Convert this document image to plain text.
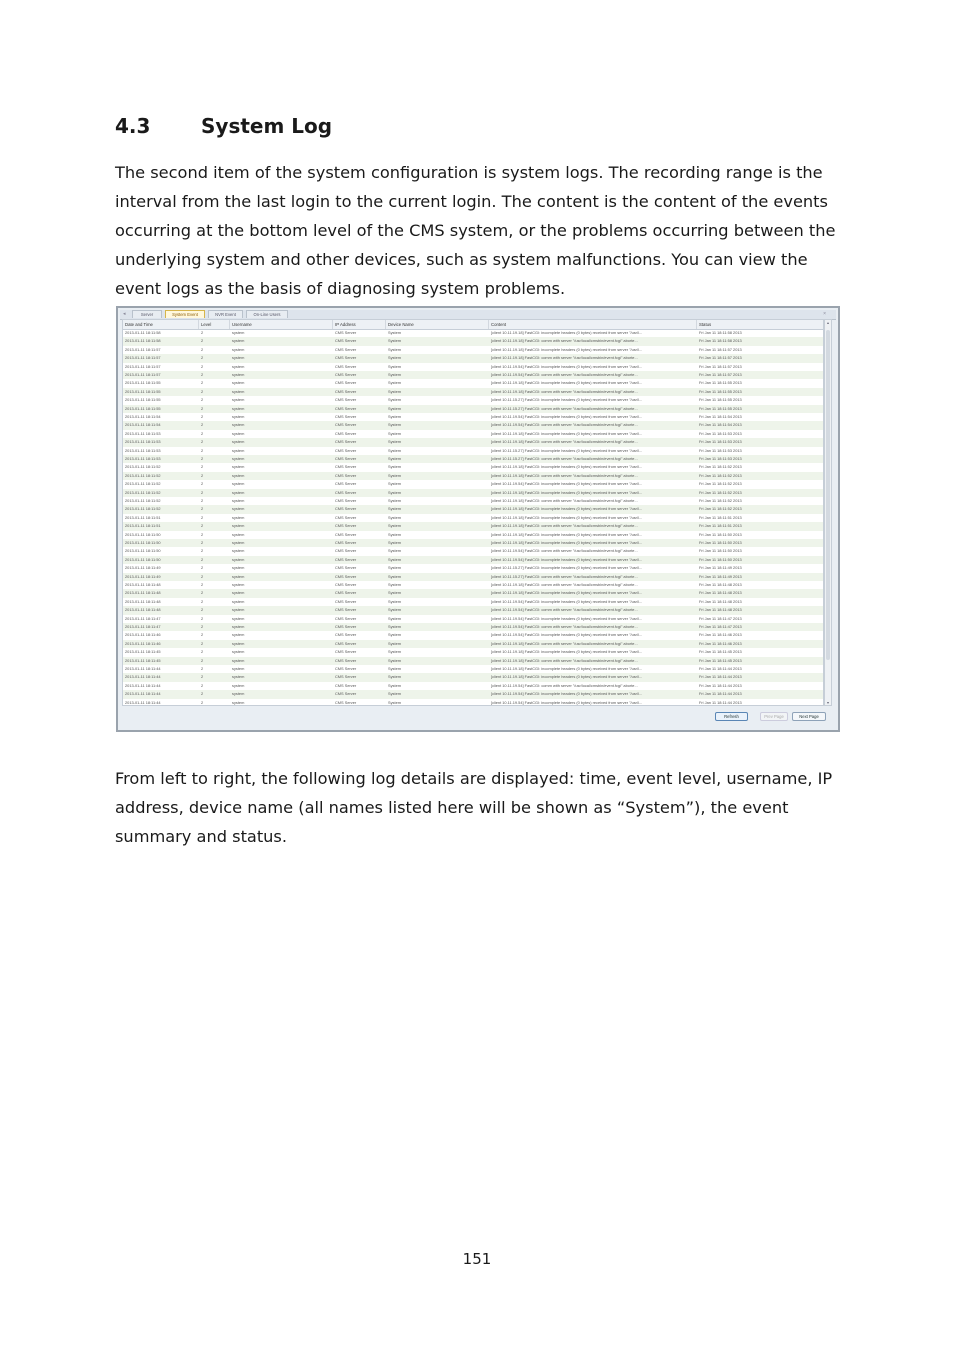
4.3	System Log

The second item of the system configuration is system logs. The recording range is the interval from the last login to the current login. The content is the content of the events occurring at the bottom level of the CMS system, or the problems occurring between the underlying system and other devices, such as system malfunctions. You can view the event logs as the basis of diagnosing system problems.

◂	×
Server	System Event	NVR Event	On-Line Users
Date and Time	Level	Username	IP Address	Device Name	Content	Status
2013-01-11 18:11:58	2	system	CMS Server	System	[client 10.11.19.18] FastCGI: incomplete headers (0 bytes) received from server "/usr/l...	Fri Jan 11 18:11:58 2013
2013-01-11 18:11:58	2	system	CMS Server	System	[client 10.11.19.18] FastCGI: comm with server "/usr/local/cmsbin/event.fcgi" aborte...	Fri Jan 11 18:11:58 2013
2013-01-11 18:11:57	2	system	CMS Server	System	[client 10.11.19.18] FastCGI: incomplete headers (0 bytes) received from server "/usr/l...	Fri Jan 11 18:11:57 2013
2013-01-11 18:11:57	2	system	CMS Server	System	[client 10.11.19.18] FastCGI: comm with server "/usr/local/cmsbin/event.fcgi" aborte...	Fri Jan 11 18:11:57 2013
2013-01-11 18:11:57	2	system	CMS Server	System	[client 10.11.19.54] FastCGI: incomplete headers (0 bytes) received from server "/usr/l...	Fri Jan 11 18:11:57 2013
2013-01-11 18:11:57	2	system	CMS Server	System	[client 10.11.19.54] FastCGI: comm with server "/usr/local/cmsbin/event.fcgi" aborte...	Fri Jan 11 18:11:57 2013
2013-01-11 18:11:55	2	system	CMS Server	System	[client 10.11.19.18] FastCGI: incomplete headers (0 bytes) received from server "/usr/l...	Fri Jan 11 18:11:55 2013
2013-01-11 18:11:55	2	system	CMS Server	System	[client 10.11.19.18] FastCGI: comm with server "/usr/local/cmsbin/event.fcgi" aborte...	Fri Jan 11 18:11:55 2013
2013-01-11 18:11:55	2	system	CMS Server	System	[client 10.11.15.27] FastCGI: incomplete headers (0 bytes) received from server "/usr/l...	Fri Jan 11 18:11:55 2013
2013-01-11 18:11:55	2	system	CMS Server	System	[client 10.11.15.27] FastCGI: comm with server "/usr/local/cmsbin/event.fcgi" aborte...	Fri Jan 11 18:11:55 2013
2013-01-11 18:11:54	2	system	CMS Server	System	[client 10.11.19.54] FastCGI: incomplete headers (0 bytes) received from server "/usr/l...	Fri Jan 11 18:11:54 2013
2013-01-11 18:11:54	2	system	CMS Server	System	[client 10.11.19.54] FastCGI: comm with server "/usr/local/cmsbin/event.fcgi" aborte...	Fri Jan 11 18:11:54 2013
2013-01-11 18:11:53	2	system	CMS Server	System	[client 10.11.19.18] FastCGI: incomplete headers (0 bytes) received from server "/usr/l...	Fri Jan 11 18:11:53 2013
2013-01-11 18:11:53	2	system	CMS Server	System	[client 10.11.19.18] FastCGI: comm with server "/usr/local/cmsbin/event.fcgi" aborte...	Fri Jan 11 18:11:53 2013
2013-01-11 18:11:53	2	system	CMS Server	System	[client 10.11.15.27] FastCGI: incomplete headers (0 bytes) received from server "/usr/l...	Fri Jan 11 18:11:53 2013
2013-01-11 18:11:53	2	system	CMS Server	System	[client 10.11.15.27] FastCGI: comm with server "/usr/local/cmsbin/event.fcgi" aborte...	Fri Jan 11 18:11:53 2013
2013-01-11 18:11:52	2	system	CMS Server	System	[client 10.11.19.18] FastCGI: incomplete headers (0 bytes) received from server "/usr/l...	Fri Jan 11 18:11:52 2013
2013-01-11 18:11:52	2	system	CMS Server	System	[client 10.11.19.18] FastCGI: comm with server "/usr/local/cmsbin/event.fcgi" aborte...	Fri Jan 11 18:11:52 2013
2013-01-11 18:11:52	2	system	CMS Server	System	[client 10.11.19.54] FastCGI: incomplete headers (0 bytes) received from server "/usr/l...	Fri Jan 11 18:11:52 2013
2013-01-11 18:11:52	2	system	CMS Server	System	[client 10.11.19.18] FastCGI: incomplete headers (0 bytes) received from server "/usr/l...	Fri Jan 11 18:11:52 2013
2013-01-11 18:11:52	2	system	CMS Server	System	[client 10.11.19.18] FastCGI: comm with server "/usr/local/cmsbin/event.fcgi" aborte...	Fri Jan 11 18:11:52 2013
2013-01-11 18:11:52	2	system	CMS Server	System	[client 10.11.19.18] FastCGI: incomplete headers (0 bytes) received from server "/usr/l...	Fri Jan 11 18:11:52 2013
2013-01-11 18:11:51	2	system	CMS Server	System	[client 10.11.19.18] FastCGI: incomplete headers (0 bytes) received from server "/usr/l...	Fri Jan 11 18:11:51 2013
2013-01-11 18:11:51	2	system	CMS Server	System	[client 10.11.19.18] FastCGI: comm with server "/usr/local/cmsbin/event.fcgi" aborte...	Fri Jan 11 18:11:51 2013
2013-01-11 18:11:50	2	system	CMS Server	System	[client 10.11.19.18] FastCGI: incomplete headers (0 bytes) received from server "/usr/l...	Fri Jan 11 18:11:50 2013
2013-01-11 18:11:50	2	system	CMS Server	System	[client 10.11.19.18] FastCGI: incomplete headers (0 bytes) received from server "/usr/l...	Fri Jan 11 18:11:50 2013
2013-01-11 18:11:50	2	system	CMS Server	System	[client 10.11.19.54] FastCGI: comm with server "/usr/local/cmsbin/event.fcgi" aborte...	Fri Jan 11 18:11:50 2013
2013-01-11 18:11:50	2	system	CMS Server	System	[client 10.11.19.54] FastCGI: incomplete headers (0 bytes) received from server "/usr/l...	Fri Jan 11 18:11:50 2013
2013-01-11 18:11:49	2	system	CMS Server	System	[client 10.11.15.27] FastCGI: incomplete headers (0 bytes) received from server "/usr/l...	Fri Jan 11 18:11:49 2013
2013-01-11 18:11:49	2	system	CMS Server	System	[client 10.11.15.27] FastCGI: comm with server "/usr/local/cmsbin/event.fcgi" aborte...	Fri Jan 11 18:11:49 2013
2013-01-11 18:11:48	2	system	CMS Server	System	[client 10.11.19.18] FastCGI: comm with server "/usr/local/cmsbin/event.fcgi" aborte...	Fri Jan 11 18:11:48 2013
2013-01-11 18:11:48	2	system	CMS Server	System	[client 10.11.19.18] FastCGI: incomplete headers (0 bytes) received from server "/usr/l...	Fri Jan 11 18:11:48 2013
2013-01-11 18:11:48	2	system	CMS Server	System	[client 10.11.19.54] FastCGI: incomplete headers (0 bytes) received from server "/usr/l...	Fri Jan 11 18:11:48 2013
2013-01-11 18:11:48	2	system	CMS Server	System	[client 10.11.19.54] FastCGI: comm with server "/usr/local/cmsbin/event.fcgi" aborte...	Fri Jan 11 18:11:48 2013
2013-01-11 18:11:47	2	system	CMS Server	System	[client 10.11.19.54] FastCGI: incomplete headers (0 bytes) received from server "/usr/l...	Fri Jan 11 18:11:47 2013
2013-01-11 18:11:47	2	system	CMS Server	System	[client 10.11.19.54] FastCGI: comm with server "/usr/local/cmsbin/event.fcgi" aborte...	Fri Jan 11 18:11:47 2013
2013-01-11 18:11:46	2	system	CMS Server	System	[client 10.11.19.54] FastCGI: incomplete headers (0 bytes) received from server "/usr/l...	Fri Jan 11 18:11:46 2013
2013-01-11 18:11:46	2	system	CMS Server	System	[client 10.11.19.18] FastCGI: comm with server "/usr/local/cmsbin/event.fcgi" aborte...	Fri Jan 11 18:11:46 2013
2013-01-11 18:11:45	2	system	CMS Server	System	[client 10.11.19.18] FastCGI: incomplete headers (0 bytes) received from server "/usr/l...	Fri Jan 11 18:11:45 2013
2013-01-11 18:11:45	2	system	CMS Server	System	[client 10.11.19.18] FastCGI: comm with server "/usr/local/cmsbin/event.fcgi" aborte...	Fri Jan 11 18:11:45 2013
2013-01-11 18:11:44	2	system	CMS Server	System	[client 10.11.19.18] FastCGI: incomplete headers (0 bytes) received from server "/usr/l...	Fri Jan 11 18:11:44 2013
2013-01-11 18:11:44	2	system	CMS Server	System	[client 10.11.19.18] FastCGI: incomplete headers (0 bytes) received from server "/usr/l...	Fri Jan 11 18:11:44 2013
2013-01-11 18:11:44	2	system	CMS Server	System	[client 10.11.19.54] FastCGI: comm with server "/usr/local/cmsbin/event.fcgi" aborte...	Fri Jan 11 18:11:44 2013
2013-01-11 18:11:44	2	system	CMS Server	System	[client 10.11.19.54] FastCGI: incomplete headers (0 bytes) received from server "/usr/l...	Fri Jan 11 18:11:44 2013
2013-01-11 18:11:44	2	system	CMS Server	System	[client 10.11.19.54] FastCGI: incomplete headers (0 bytes) received from server "/usr/l...	Fri Jan 11 18:11:44 2013
▴
▾
Refresh	Prev Page	Next Page

From left to right, the following log details are displayed: time, event level, username, IP address, device name (all names listed here will be shown as “System”), the event summary and status.

151
